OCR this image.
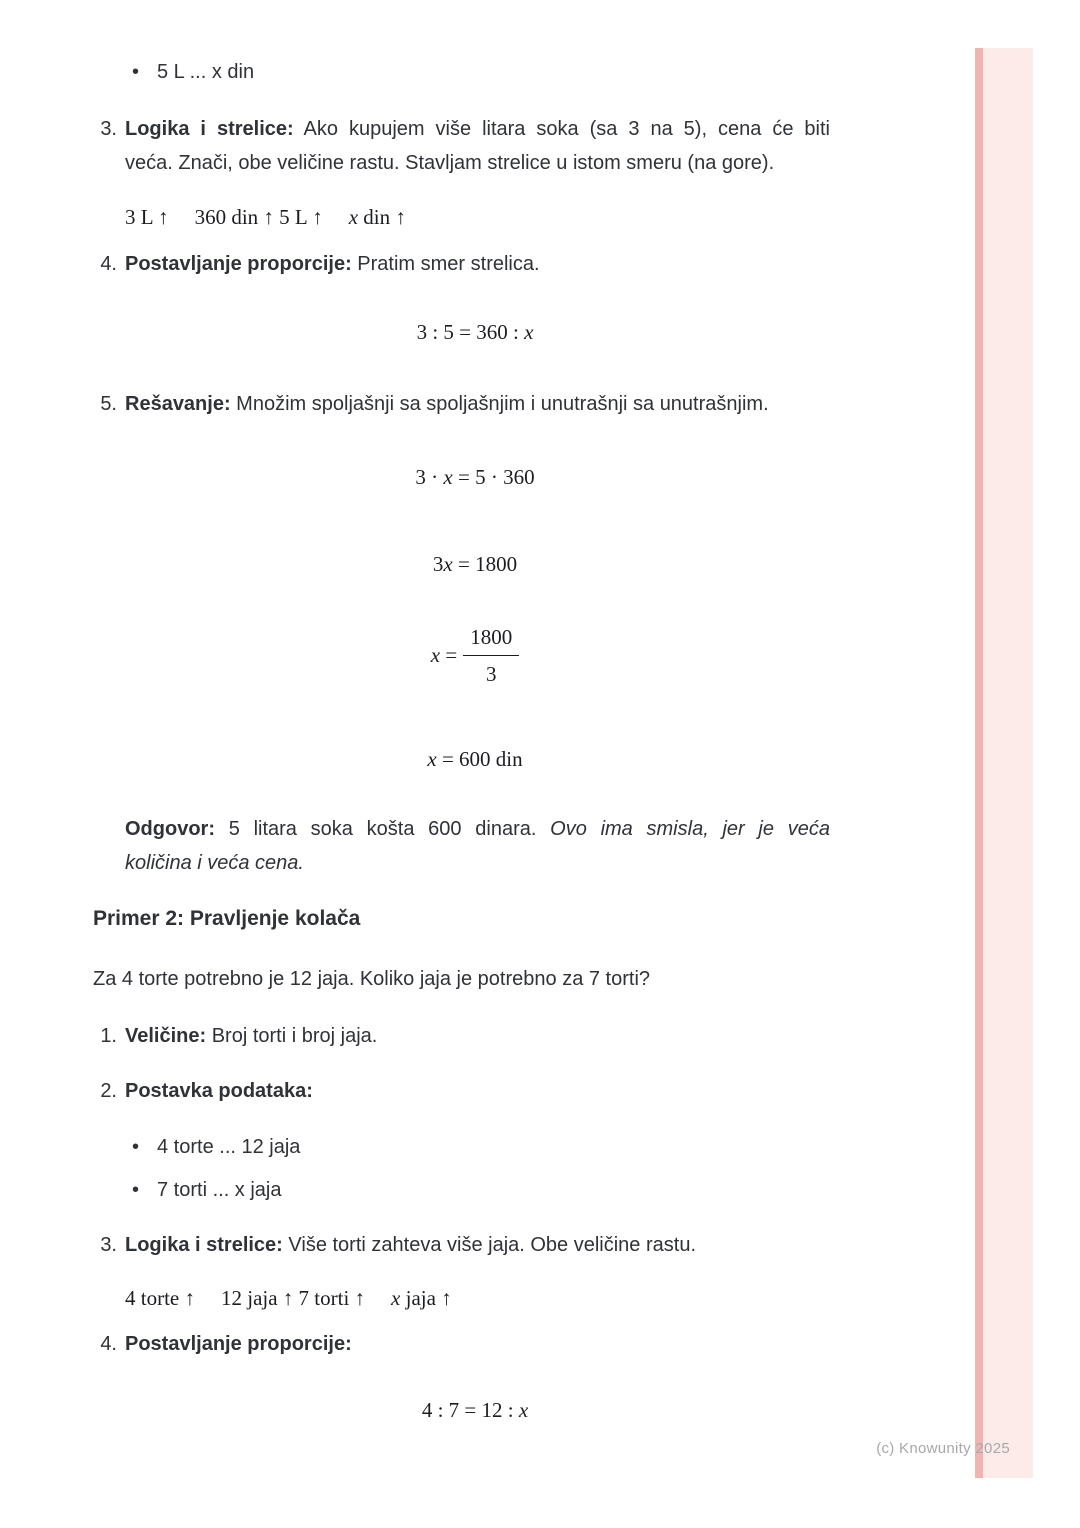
• 5 L ... x din
3. Logika i strelice: Ako kupujem više litara soka (sa 3 na 5), cena će biti
veća. Znači, obe veličine rastu. Stavljam strelice u istom smeru (na gore).
3 L ↑ 360 din ↑ 5 L ↑ x din ↑
4. Postavljanje proporcije: Pratim smer strelica.
3 : 5 = 360 : x
5. Rešavanje: Množim spoljašnji sa spoljašnjim i unutrašnji sa unutrašnjim.
3 · x = 5 · 360
3x = 1800
$x = \frac{1800}{3}$
x = 600 din
Odgovor: 5 litara soka košta 600 dinara. Ovo ima smisla, jer je veća
količina i veća cena.
Primer 2: Pravljenje kolača
Za 4 torte potrebno je 12 jaja. Koliko jaja je potrebno za 7 torti?
1. Veličine: Broj torti i broj jaja.
2. Postavka podataka:
• 4 torte ... 12 jaja
• 7 torti ... x jaja
3. Logika i strelice: Više torti zahteva više jaja. Obe veličine rastu.
4 torte ↑ 12 jaja ↑ 7 torti ↑ x jaja ↑
4. Postavljanje proporcije:
4 : 7 = 12 : x
(c) Knowunity 2025
